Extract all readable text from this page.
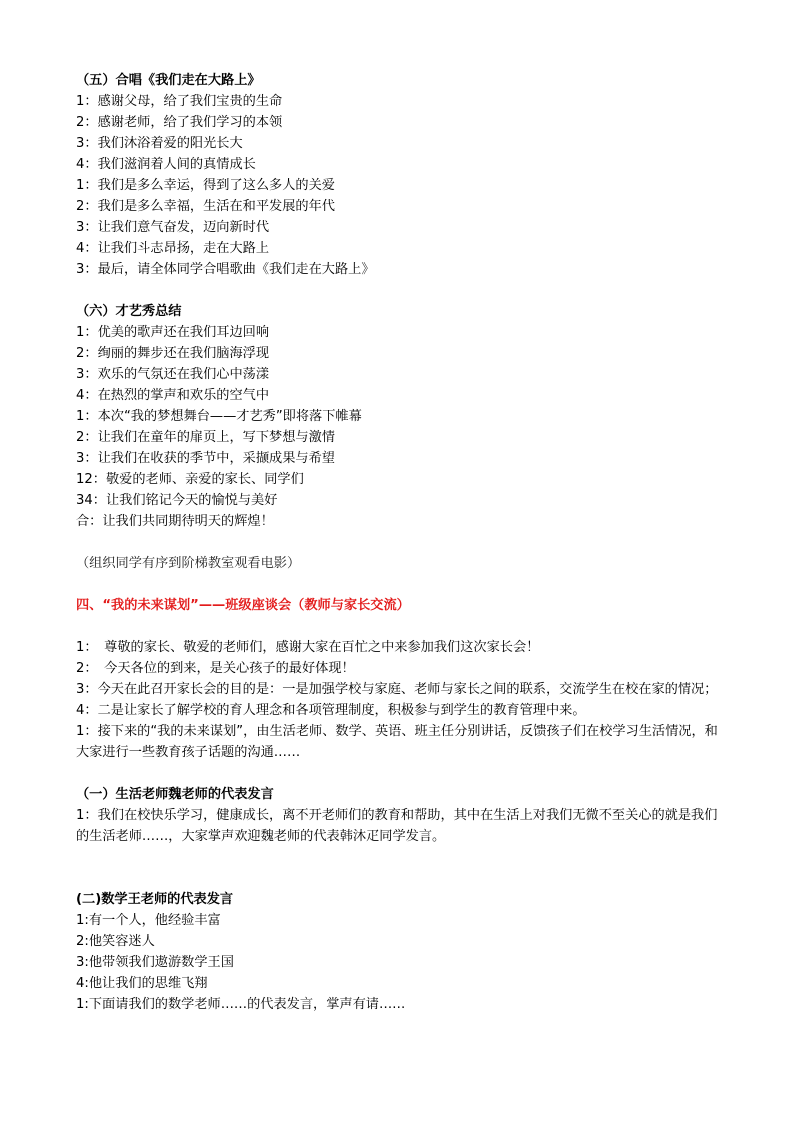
（五）合唱《我们走在大路上》
1：感谢父母，给了我们宝贵的生命
2：感谢老师，给了我们学习的本领
3：我们沐浴着爱的阳光长大
4：我们滋润着人间的真情成长
1：我们是多么幸运，得到了这么多人的关爱
2：我们是多么幸福，生活在和平发展的年代
3：让我们意气奋发，迈向新时代
4：让我们斗志昂扬，走在大路上
3：最后，请全体同学合唱歌曲《我们走在大路上》
（六）才艺秀总结
1：优美的歌声还在我们耳边回响
2：绚丽的舞步还在我们脑海浮现
3：欢乐的气氛还在我们心中荡漾
4：在热烈的掌声和欢乐的空气中
1：本次“我的梦想舞台——才艺秀”即将落下帷幕
2：让我们在童年的扉页上，写下梦想与激情
3：让我们在收获的季节中，采撷成果与希望
12：敬爱的老师、亲爱的家长、同学们
34：让我们铭记今天的愉悦与美好
合：让我们共同期待明天的辉煌！
（组织同学有序到阶梯教室观看电影）
四、“我的未来谋划”——班级座谈会（教师与家长交流）
1：　尊敬的家长、敬爱的老师们，感谢大家在百忙之中来参加我们这次家长会！
2：　今天各位的到来，是关心孩子的最好体现！
3：今天在此召开家长会的目的是：一是加强学校与家庭、老师与家长之间的联系，交流学生在校在家的情况；
4：二是让家长了解学校的育人理念和各项管理制度，积极参与到学生的教育管理中来。
1：接下来的“我的未来谋划”，由生活老师、数学、英语、班主任分别讲话，反馈孩子们在校学习生活情况，和大家进行一些教育孩子话题的沟通……
（一）生活老师魏老师的代表发言
1：我们在校快乐学习，健康成长，离不开老师们的教育和帮助，其中在生活上对我们无微不至关心的就是我们的生活老师……，大家掌声欢迎魏老师的代表韩沐疋同学发言。
(二)数学王老师的代表发言
1:有一个人，他经验丰富
2:他笑容迷人
3:他带领我们遨游数学王国
4:他让我们的思维飞翔
1:下面请我们的数学老师……的代表发言，掌声有请……
